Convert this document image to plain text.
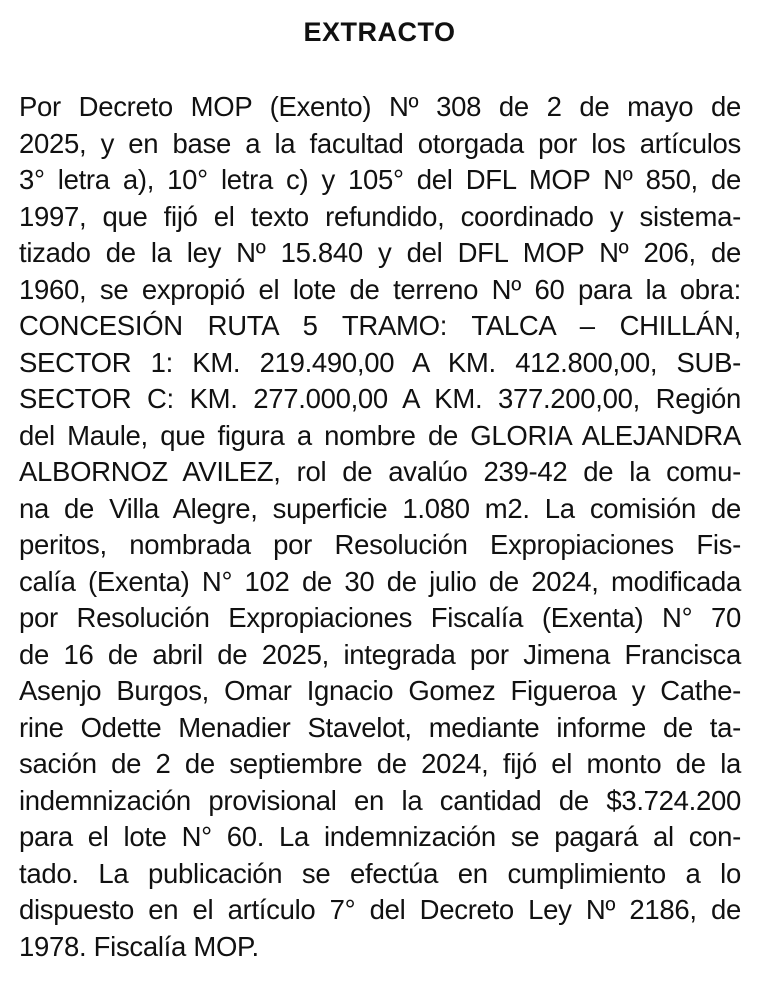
EXTRACTO
Por Decreto MOP (Exento) Nº 308 de 2 de mayo de
2025, y en base a la facultad otorgada por los artículos
3° letra a), 10° letra c) y 105° del DFL MOP Nº 850, de
1997, que fijó el texto refundido, coordinado y sistema-
tizado de la ley Nº 15.840 y del DFL MOP Nº 206, de
1960, se expropió el lote de terreno Nº 60 para la obra:
CONCESIÓN RUTA 5 TRAMO: TALCA – CHILLÁN,
SECTOR 1: KM. 219.490,00 A KM. 412.800,00, SUB-
SECTOR C: KM. 277.000,00 A KM. 377.200,00, Región
del Maule, que figura a nombre de GLORIA ALEJANDRA
ALBORNOZ AVILEZ, rol de avalúo 239-42 de la comu-
na de Villa Alegre, superficie 1.080 m2. La comisión de
peritos, nombrada por Resolución Expropiaciones Fis-
calía (Exenta) N° 102 de 30 de julio de 2024, modificada
por Resolución Expropiaciones Fiscalía (Exenta) N° 70
de 16 de abril de 2025, integrada por Jimena Francisca
Asenjo Burgos, Omar Ignacio Gomez Figueroa y Cathe-
rine Odette Menadier Stavelot, mediante informe de ta-
sación de 2 de septiembre de 2024, fijó el monto de la
indemnización provisional en la cantidad de $3.724.200
para el lote N° 60. La indemnización se pagará al con-
tado. La publicación se efectúa en cumplimiento a lo
dispuesto en el artículo 7° del Decreto Ley Nº 2186, de
1978. Fiscalía MOP.
